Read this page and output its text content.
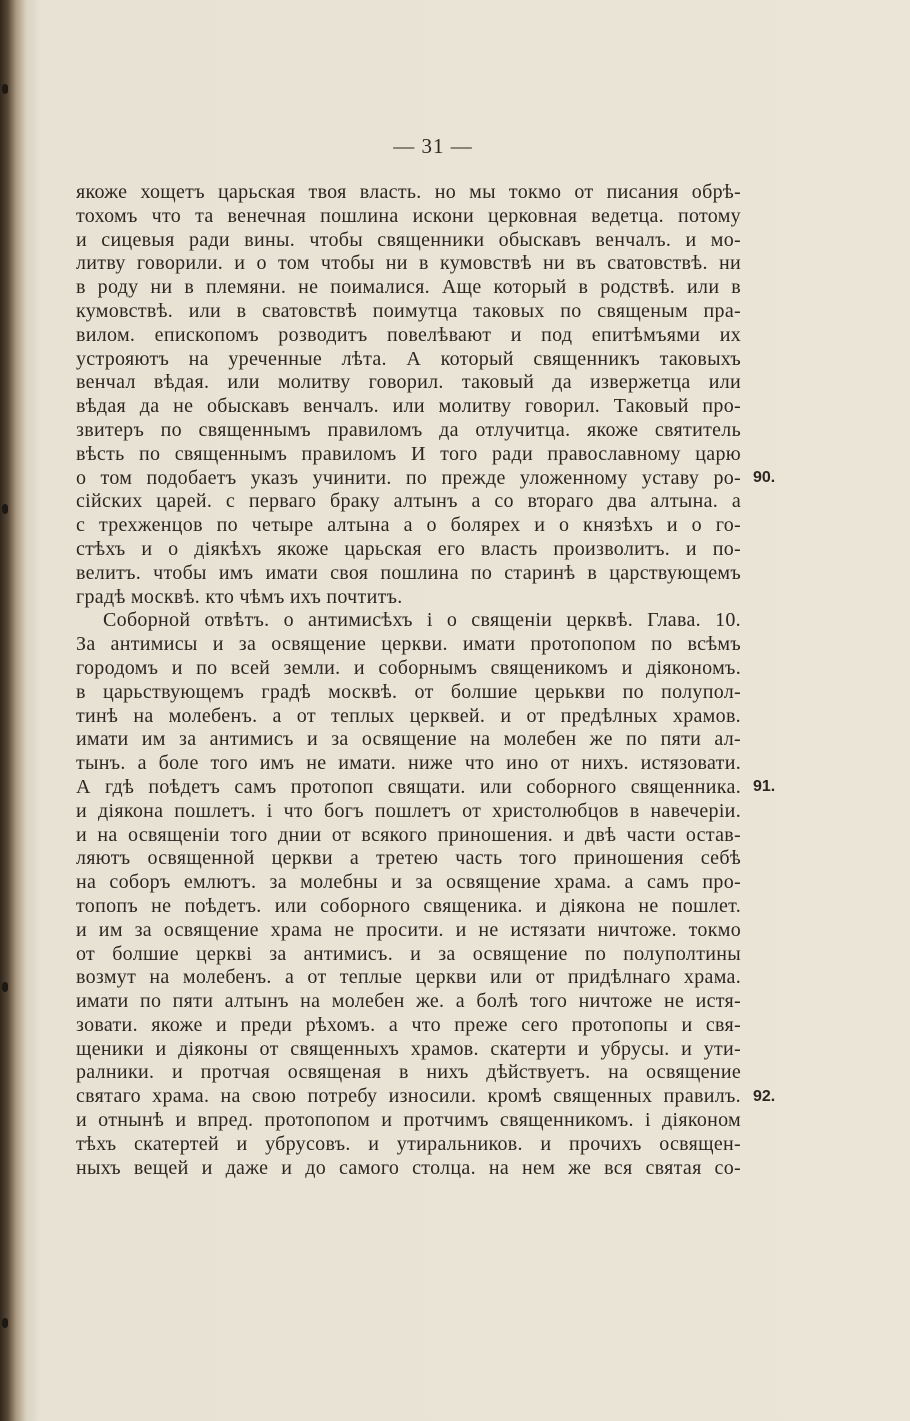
— 31 —
якоже хощетъ царьская твоя власть. но мы токмо от писания обрѣ-
тохомъ что та венечная пошлина искони церковная ведетца. потому
и сицевыя ради вины. чтобы священники обыскавъ венчалъ. и мо-
литву говорили. и о том чтобы ни в кумовствѣ ни въ сватовствѣ. ни
в роду ни в племяни. не поималися. Аще который в родствѣ. или в
кумовствѣ. или в сватовствѣ поимутца таковых по священым пра-
вилом. епископомъ розводитъ повелѣвают и под епитѣмъями их
устрояютъ на уреченные лѣта. А который священникъ таковыхъ
венчал вѣдая. или молитву говорил. таковый да извержетца или
вѣдая да не обыскавъ венчалъ. или молитву говорил. Таковый про-
звитеръ по священнымъ правиломъ да отлучитца. якоже святитель
вѣсть по священнымъ правиломъ И того ради православному царю
о том подобаетъ указъ учинити. по прежде уложенному уставу ро-
сійских царей. с перваго браку алтынъ а со втораго два алтына. а
с трехженцов по четыре алтына а о болярех и о князѣхъ и о го-
стѣхъ и о діякѣхъ якоже царьская его власть произволитъ. и по-
велитъ. чтобы имъ имати своя пошлина по старинѣ в царствующемъ
градѣ москвѣ. кто чѣмъ ихъ почтитъ.
Соборной отвѣтъ. о антимисѣхъ і о священіи церквѣ. Глава. 10.
За антимисы и за освящение церкви. имати протопопом по всѣмъ
городомъ и по всей земли. и соборнымъ священикомъ и діякономъ.
в царьствующемъ градѣ москвѣ. от болшие церькви по полупол-
тинѣ на молебенъ. а от теплых церквей. и от предѣлных храмов.
имати им за антимисъ и за освящение на молебен же по пяти ал-
тынъ. а боле того имъ не имати. ниже что ино от нихъ. истязовати.
А гдѣ поѣдетъ самъ протопоп свящати. или соборного священника.
и діякона пошлетъ. і что богъ пошлетъ от христолюбцов в навечеріи.
и на освященіи того днии от всякого приношения. и двѣ части остав-
ляютъ освященной церкви а третею часть того приношения себѣ
на соборъ емлютъ. за молебны и за освящение храма. а самъ про-
топопъ не поѣдетъ. или соборного священика. и діякона не пошлет.
и им за освящение храма не просити. и не истязати ничтоже. токмо
от болшие церкві за антимисъ. и за освящение по полуполтины
возмут на молебенъ. а от теплые церкви или от придѣлнаго храма.
имати по пяти алтынъ на молебен же. а болѣ того ничтоже не истя-
зовати. якоже и преди рѣхомъ. а что преже сего протопопы и свя-
щеники и діяконы от священныхъ храмов. скатерти и убрусы. и ути-
ралники. и протчая освященая в нихъ дѣйствуетъ. на освящение
святаго храма. на свою потребу износили. кромѣ священных правилъ.
и отнынѣ и впред. протопопом и протчимъ священникомъ. і діяконом
тѣхъ скатертей и убрусовъ. и утиральников. и прочихъ освящен-
ныхъ вещей и даже и до самого столца. на нем же вся святая со-
90.
91.
92.
